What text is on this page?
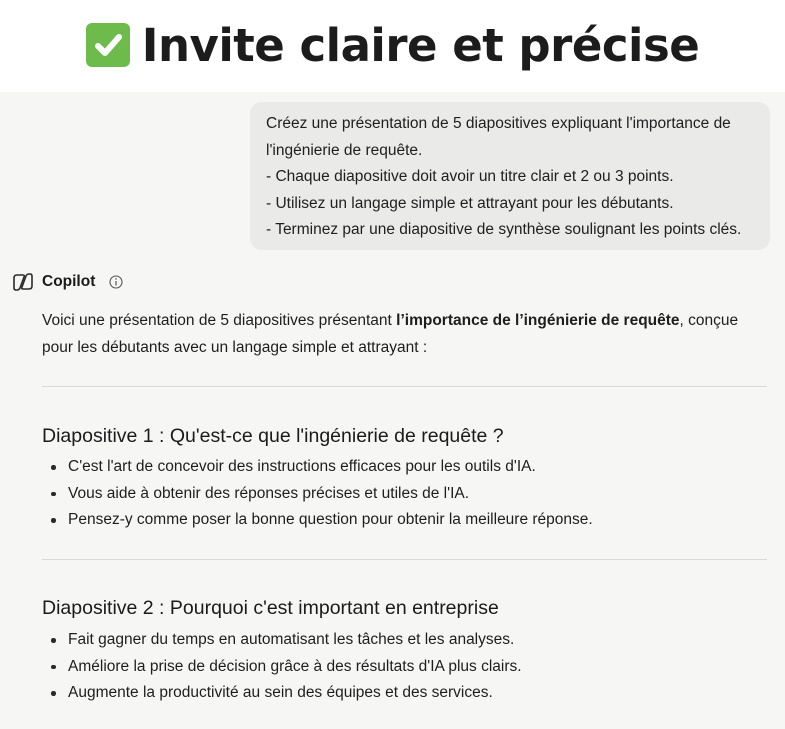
Invite claire et précise
Créez une présentation de 5 diapositives expliquant l'importance de
l'ingénierie de requête.
- Chaque diapositive doit avoir un titre clair et 2 ou 3 points.
- Utilisez un langage simple et attrayant pour les débutants.
- Terminez par une diapositive de synthèse soulignant les points clés.
Copilot
Voici une présentation de 5 diapositives présentant l’importance de l’ingénierie de requête, conçue pour les débutants avec un langage simple et attrayant :
Diapositive 1 : Qu'est-ce que l'ingénierie de requête ?
C'est l'art de concevoir des instructions efficaces pour les outils d'IA.
Vous aide à obtenir des réponses précises et utiles de l'IA.
Pensez-y comme poser la bonne question pour obtenir la meilleure réponse.
Diapositive 2 : Pourquoi c'est important en entreprise
Fait gagner du temps en automatisant les tâches et les analyses.
Améliore la prise de décision grâce à des résultats d'IA plus clairs.
Augmente la productivité au sein des équipes et des services.
